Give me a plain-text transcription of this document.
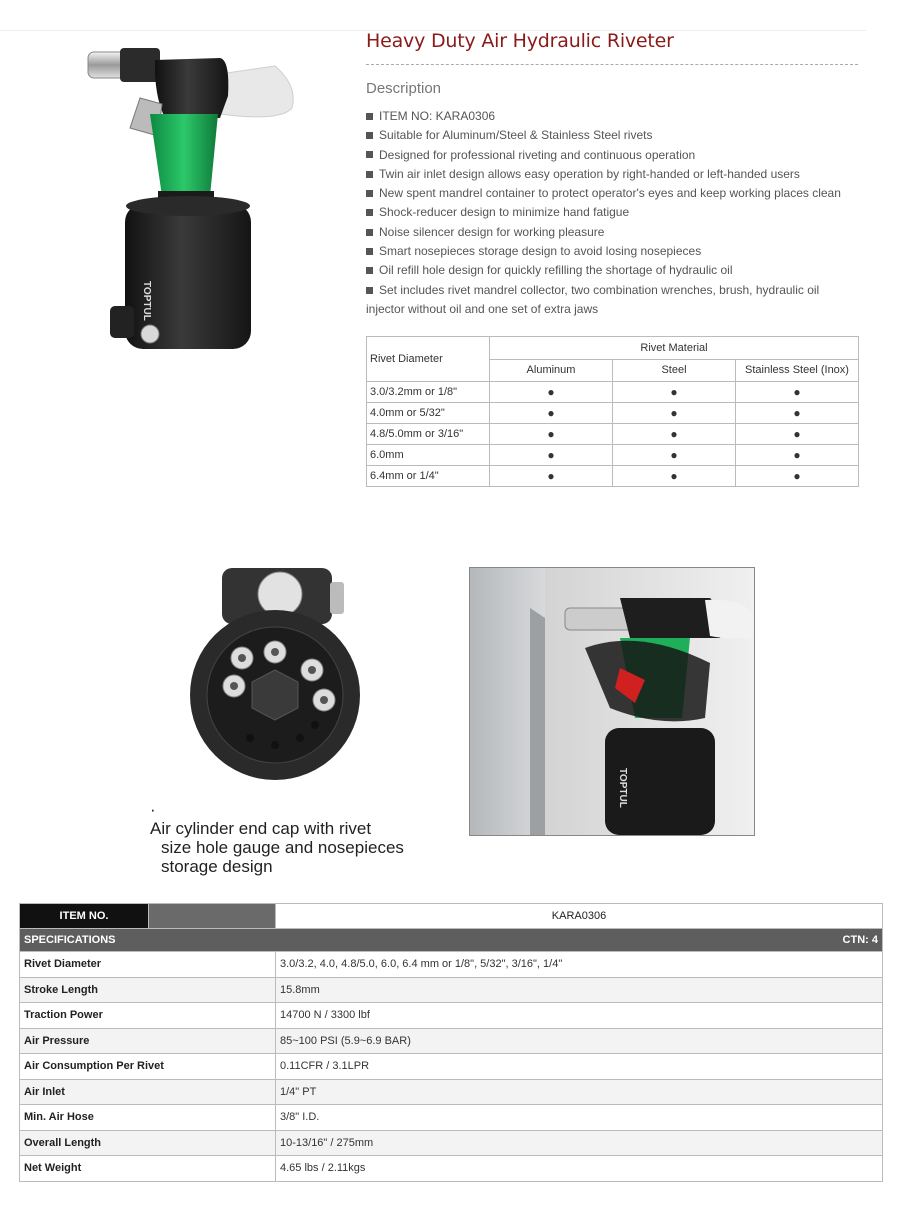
TOPTUL
Heavy Duty Air Hydraulic Riveter
Description
ITEM NO: KARA0306
Suitable for Aluminum/Steel & Stainless Steel rivets
Designed for professional riveting and continuous operation
Twin air inlet design allows easy operation by right-handed or left-handed users
New spent mandrel container to protect operator's eyes and keep working places clean
Shock-reducer design to minimize hand fatigue
Noise silencer design for working pleasure
Smart nosepieces storage design to avoid losing nosepieces
Oil refill hole design for quickly refilling the shortage of hydraulic oil
Set includes rivet mandrel collector, two combination wrenches, brush, hydraulic oil injector without oil and one set of extra jaws
Rivet Diameter	Rivet Material		
	Aluminum	Steel	Stainless Steel (Inox)
3.0/3.2mm or 1/8"	●	●	●
4.0mm or 5/32"	●	●	●
4.8/5.0mm or 3/16"	●	●	●
6.0mm	●	●	●
6.4mm or 1/4"	●	●	●
·
Air cylinder end cap with rivet
size hole gauge and nosepieces
storage design
TOPTUL
ITEM NO.		KARA0306
SPECIFICATIONS CTN: 4		

Rivet Diameter		3.0/3.2, 4.0, 4.8/5.0, 6.0, 6.4 mm or 1/8", 5/32", 3/16", 1/4"
Stroke Length		15.8mm
Traction Power		14700 N / 3300 lbf
Air Pressure		85~100 PSI (5.9~6.9 BAR)
Air Consumption Per Rivet		0.11CFR / 3.1LPR
Air Inlet		1/4" PT
Min. Air Hose		3/8" I.D.
Overall Length		10-13/16" / 275mm
Net Weight		4.65 lbs / 2.11kgs
